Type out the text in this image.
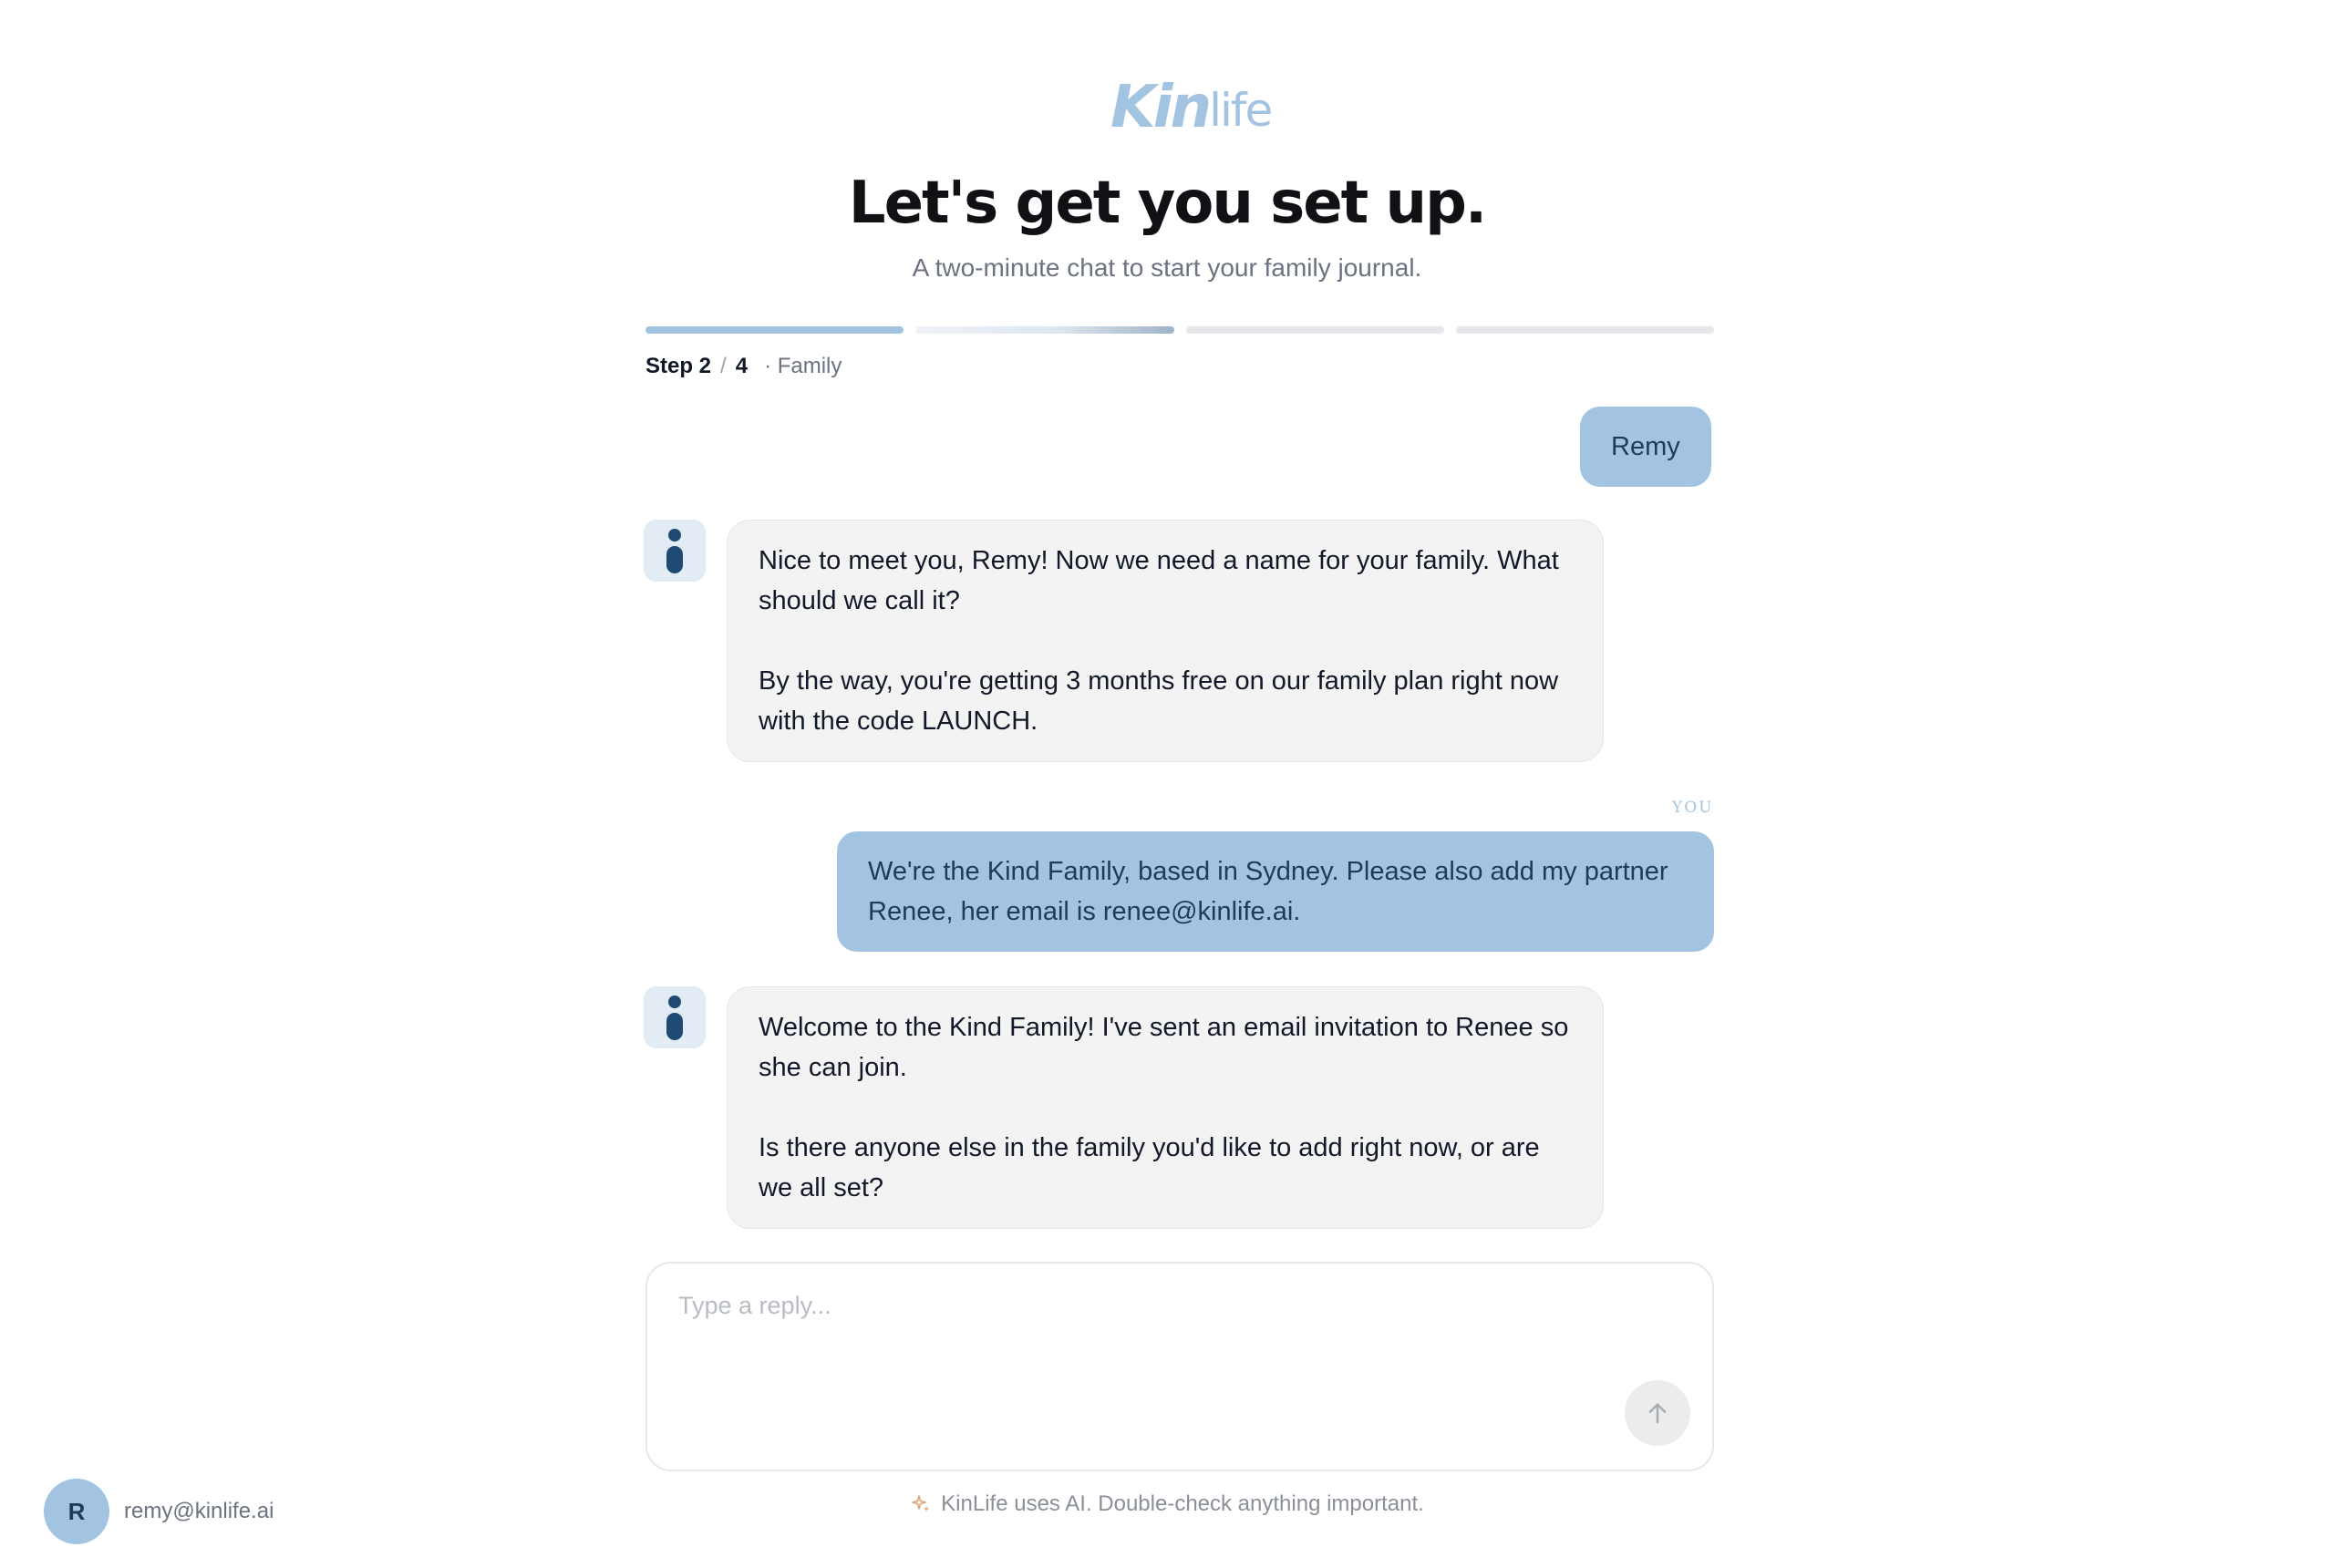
Kin life
Let's get you set up.

A two-minute chat to start your family journal.

Step 2 / 4 · Family
Remy

Nice to meet you, Remy! Now we need a name for your family. What should we call it?

By the way, you're getting 3 months free on our family plan right now with the code LAUNCH.

YOU
We're the Kind Family, based in Sydney. Please also add my partner Renee, her email is renee@kinlife.ai.

Welcome to the Kind Family! I've sent an email invitation to Renee so she can join.

Is there anyone else in the family you'd like to add right now, or are we all set?

Type a reply...
KinLife uses AI. Double-check anything important.
R	remy@kinlife.ai
